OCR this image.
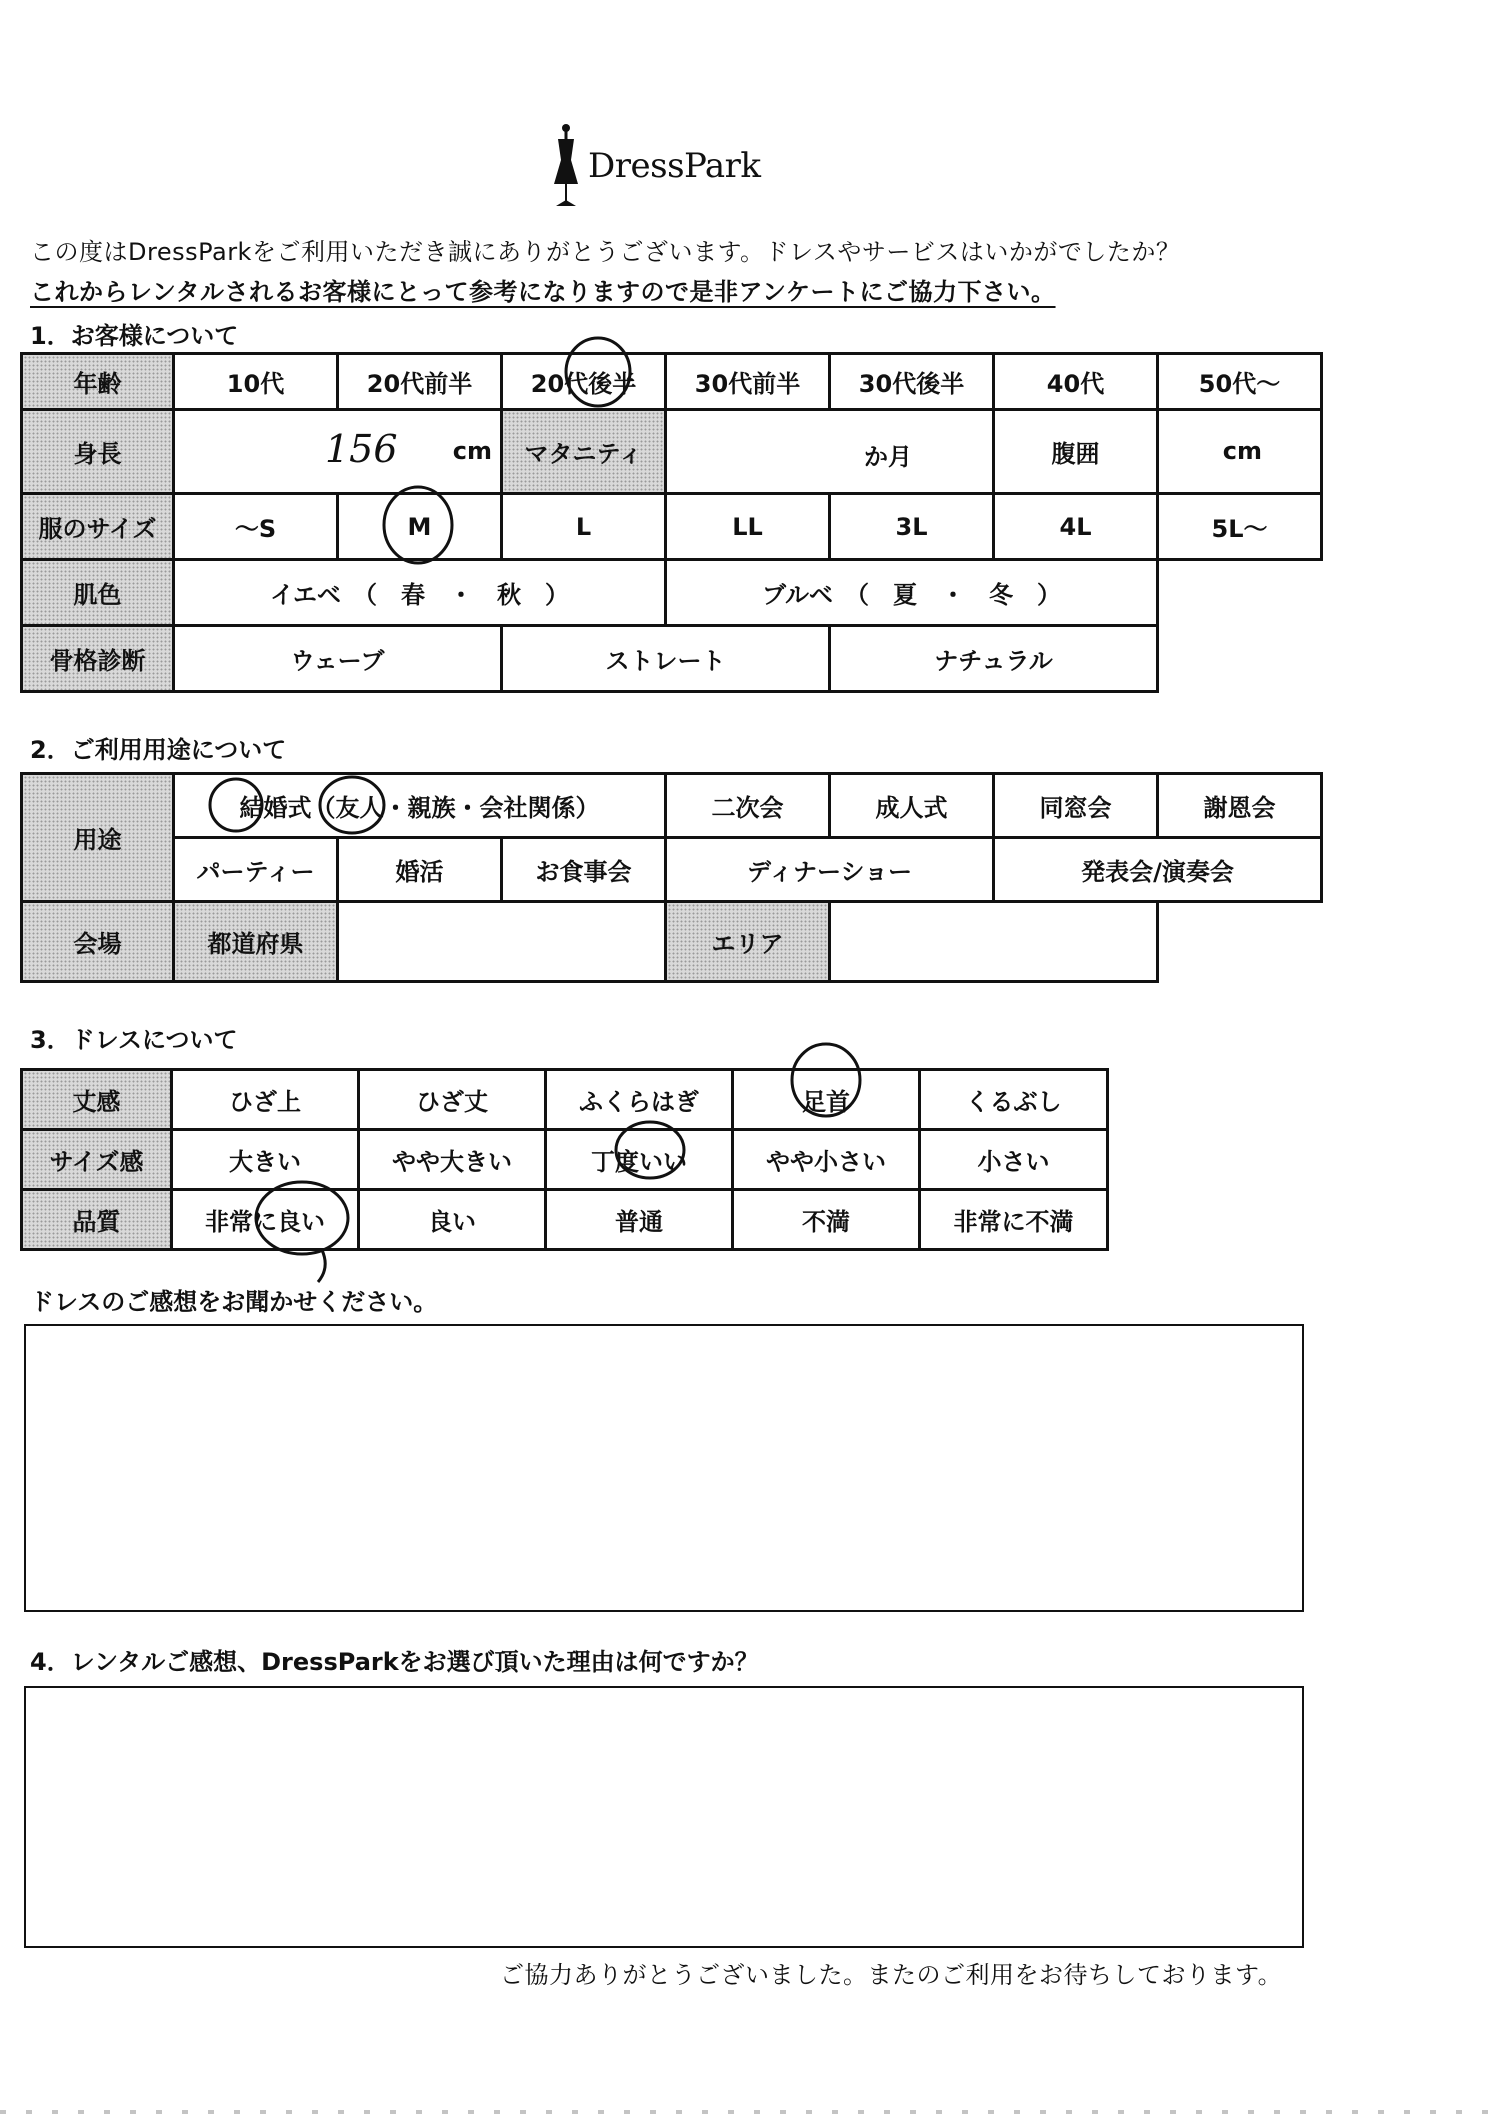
DressPark
この度はDressParkをご利用いただき誠にありがとうございます。ドレスやサービスはいかがでしたか？
これからレンタルされるお客様にとって参考になりますので是非アンケートにご協力下さい。
1．お客様について
年齢	10代	20代前半	20代後半	30代前半	30代後半	40代	50代～
身長	156 cm		マタニティ	か月		腹囲	cm

服のサイズ	～S	M	L	LL	3L	4L	5L～
肌色	イエベ　（　春　・　秋　）			ブルベ　（　夏　・　冬　）			
骨格診断	ウェーブ		ストレート		ナチュラル		
2．ご利用用途について
用途	結婚式（友人・親族・会社関係）			二次会	成人式	同窓会	謝恩会
	パーティー	婚活	お食事会	ディナーショー		発表会/演奏会	
会場	都道府県			エリア			
3．ドレスについて
丈感	ひざ上	ひざ丈	ふくらはぎ	足首	くるぶし
サイズ感	大きい	やや大きい	丁度いい	やや小さい	小さい
品質	非常に良い	良い	普通	不満	非常に不満
ドレスのご感想をお聞かせください。
4．レンタルご感想、DressParkをお選び頂いた理由は何ですか？
ご協力ありがとうございました。またのご利用をお待ちしております。
